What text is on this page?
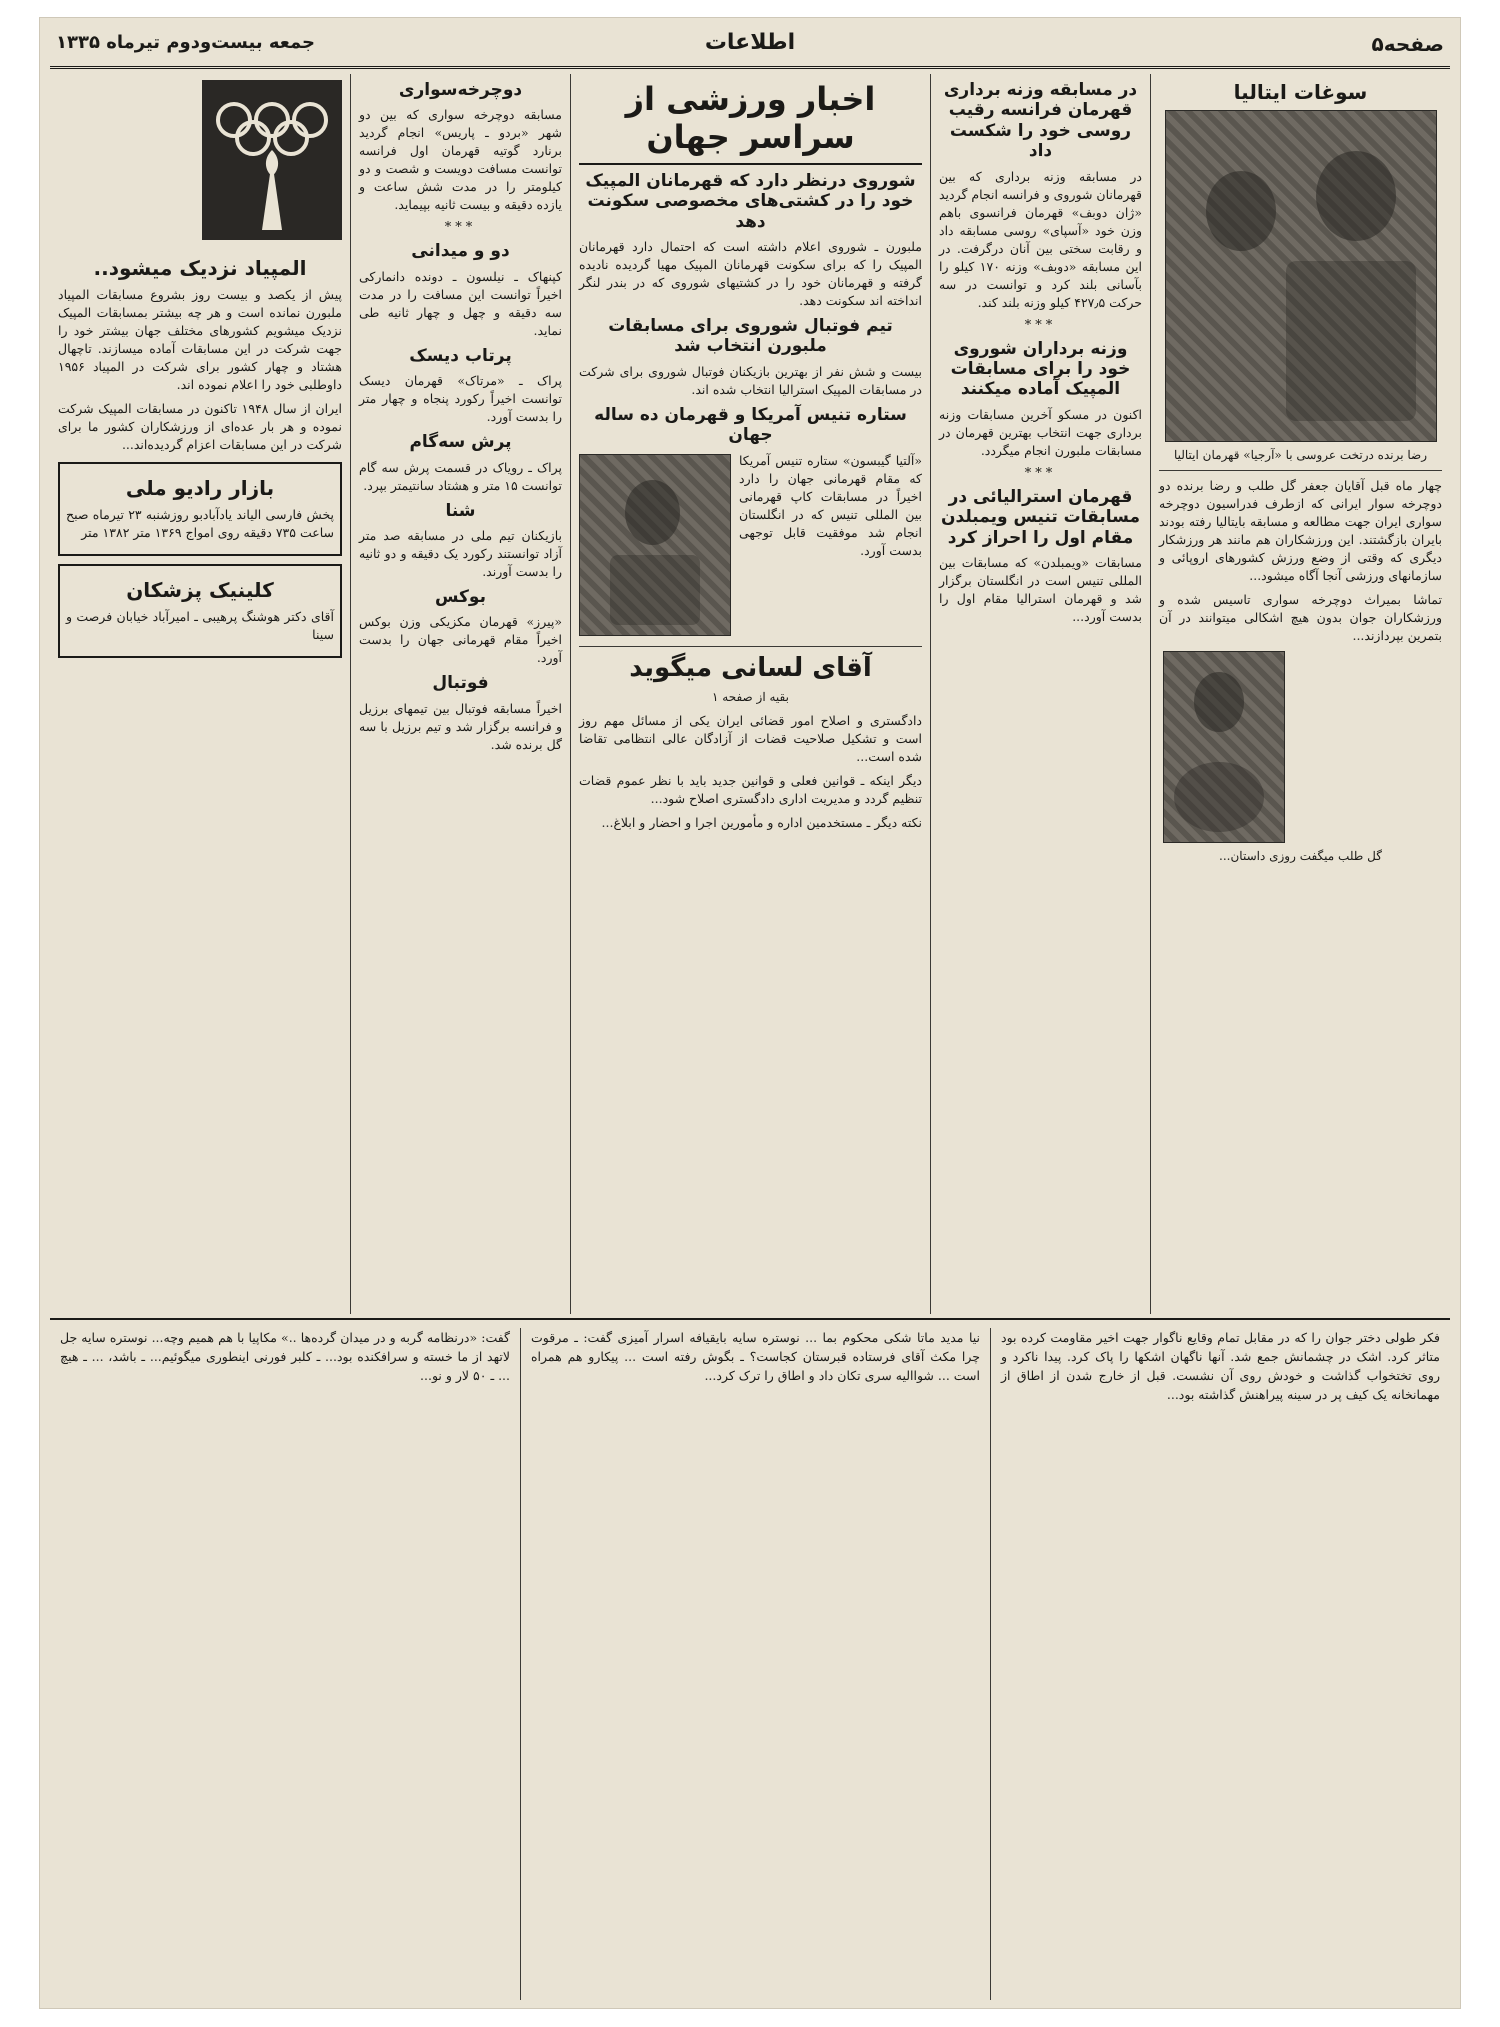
صفحه۵
اطلاعات
جمعه بیست‌ودوم تیرماه ۱۳۳۵
سوغات ایتالیا
رضا برنده درتخت عروسی با «آرجیا» قهرمان ایتالیا
چهار ماه قبل آقایان جعفر گل طلب و رضا برنده دو دوچرخه سوار ایرانی که ازطرف فدراسیون دوچرخه سواری ایران جهت مطالعه و مسابقه بایتالیا رفته بودند بایران بازگشتند. این ورزشکاران هم مانند هر ورزشکار دیگری که وقتی از وضع ورزش کشورهای اروپائی و سازمانهای ورزشی آنجا آگاه میشود...
تماشا بمیراث دوچرخه سواری تاسیس شده و ورزشکاران جوان بدون هیچ اشکالی میتوانند در آن بتمرین بپردازند...
گل طلب میگفت روزی داستان...
در مسابقه وزنه برداری قهرمان فرانسه رقیب روسی خود را شکست داد
در مسابقه وزنه برداری که بین قهرمانان شوروی و فرانسه انجام گردید «ژان دوبف» قهرمان فرانسوی باهم وزن خود «آسپای» روسی مسابقه داد و رقابت سختی بین آنان درگرفت. در این مسابقه «دوبف» وزنه ۱۷۰ کیلو را بآسانی بلند کرد و توانست در سه حرکت ۴۲۷٫۵ کیلو وزنه بلند کند.
***
وزنه برداران شوروی خود را برای مسابقات المپیک آماده میکنند
اکنون در مسکو آخرین مسابقات وزنه برداری جهت انتخاب بهترین قهرمان در مسابقات ملبورن انجام میگردد.
***
قهرمان استرالیائی در مسابقات تنیس ویمبلدن مقام اول را احراز کرد
مسابقات «ویمبلدن» که مسابقات بین المللی تنیس است در انگلستان برگزار شد و قهرمان استرالیا مقام اول را بدست آورد...
اخبار ورزشی از سراسر جهان
شوروی درنظر دارد که قهرمانان المپیک خود را در کشتی‌های مخصوصی سکونت دهد
ملبورن ـ شوروی اعلام داشته است که احتمال دارد قهرمانان المپیک را که برای سکونت قهرمانان المپیک مهیا گردیده نادیده گرفته و قهرمانان خود را در کشتیهای شوروی که در بندر لنگر انداخته اند سکونت دهد.
تیم فوتبال شوروی برای مسابقات ملبورن انتخاب شد
بیست و شش نفر از بهترین بازیکنان فوتبال شوروی برای شرکت در مسابقات المپیک استرالیا انتخاب شده اند.
ستاره تنیس آمریکا و قهرمان ده ساله جهان
«آلتیا گیبسون» ستاره تنیس آمریکا که مقام قهرمانی جهان را دارد اخیراً در مسابقات کاپ قهرمانی بین المللی تنیس که در انگلستان انجام شد موفقیت قابل توجهی بدست آورد.
آقای لسانی میگوید
بقیه از صفحه ۱
دادگستری و اصلاح امور قضائی ایران یکی از مسائل مهم روز است و تشکیل صلاحیت قضات از آزادگان عالی انتظامی تقاضا شده است...
دیگر اینکه ـ قوانین فعلی و قوانین جدید باید با نظر عموم قضات تنظیم گردد و مدیریت اداری دادگستری اصلاح شود...
نکته دیگر ـ مستخدمین اداره و مأمورین اجرا و احضار و ابلاغ...
دوچرخه‌سواری
مسابقه دوچرخه سواری که بین دو شهر «بردو ـ پاریس» انجام گردید برنارد گوتیه قهرمان اول فرانسه توانست مسافت دویست و شصت و دو کیلومتر را در مدت شش ساعت و یازده دقیقه و بیست ثانیه بپیماید.
***
دو و میدانی
کپنهاک ـ نیلسون ـ دونده دانمارکی اخیراً توانست این مسافت را در مدت سه دقیقه و چهل و چهار ثانیه طی نماید.
پرتاب دیسک
پراک ـ «مرتاک» قهرمان دیسک توانست اخیراً رکورد پنجاه و چهار متر را بدست آورد.
پرش سه‌گام
پراک ـ رویاک در قسمت پرش سه گام توانست ۱۵ متر و هشتاد سانتیمتر بپرد.
شنا
بازیکنان تیم ملی در مسابقه صد متر آزاد توانستند رکورد یک دقیقه و دو ثانیه را بدست آورند.
بوکس
«پیرز» قهرمان مکزیکی وزن بوکس اخیراً مقام قهرمانی جهان را بدست آورد.
فوتبال
اخیراً مسابقه فوتبال بین تیمهای برزیل و فرانسه برگزار شد و تیم برزیل با سه گل برنده شد.
المپیاد نزدیک میشود..
پیش از یکصد و بیست روز بشروع مسابقات المپیاد ملبورن نمانده است و هر چه بیشتر بمسابقات المپیک نزدیک میشویم کشورهای مختلف جهان بیشتر خود را جهت شرکت در این مسابقات آماده میسازند. تاچهال هشتاد و چهار کشور برای شرکت در المپیاد ۱۹۵۶ داوطلبی خود را اعلام نموده اند.
ایران از سال ۱۹۴۸ تاکنون در مسابقات المپیک شرکت نموده و هر بار عده‌ای از ورزشکاران کشور ما برای شرکت در این مسابقات اعزام گردیده‌اند...
بازار رادیو ملی
پخش فارسی الیاند یادآبادبو روزشنبه ۲۳ تیرماه صبح ساعت ۷۳۵ دقیقه روی امواج ۱۳۶۹ متر ۱۳۸۲ متر
کلینیک پزشکان
آقای دکتر هوشنگ پرهیبی ـ امیرآباد خیابان فرصت و سینا
فکر طولی دختر جوان را که در مقابل تمام وقایع ناگوار جهت اخیر مقاومت کرده بود متاثر کرد. اشک در چشمانش جمع شد. آنها ناگهان اشکها را پاک کرد. پیدا ناکرد و روی تختخواب گذاشت و خودش روی آن نشست. قبل از خارج شدن از اطاق از مهمانخانه یک کیف پر در سینه پیراهنش گذاشته بود...
نیا مدید ماتا شکی محکوم بما ... نوستره سایه بایقیافه اسرار آمیزی گفت: ـ مرقوت چرا مکث آقای فرستاده قبرستان کجاست؟ ـ بگوش رفته است ... پیکارو هم همراه است ... شواالیه سری تکان داد و اطاق را ترک کرد...
گفت: «درنظامه گربه و در میدان گرده‌ها ..» مکاپیا با هم همیم وچه... نوستره سایه جل لاتهد از ما خسته و سرافکنده بود... ـ کلبر فورنی اینطوری میگوئیم... ـ باشد، ... ـ هیچ ... ـ ۵۰ لار و نو...
